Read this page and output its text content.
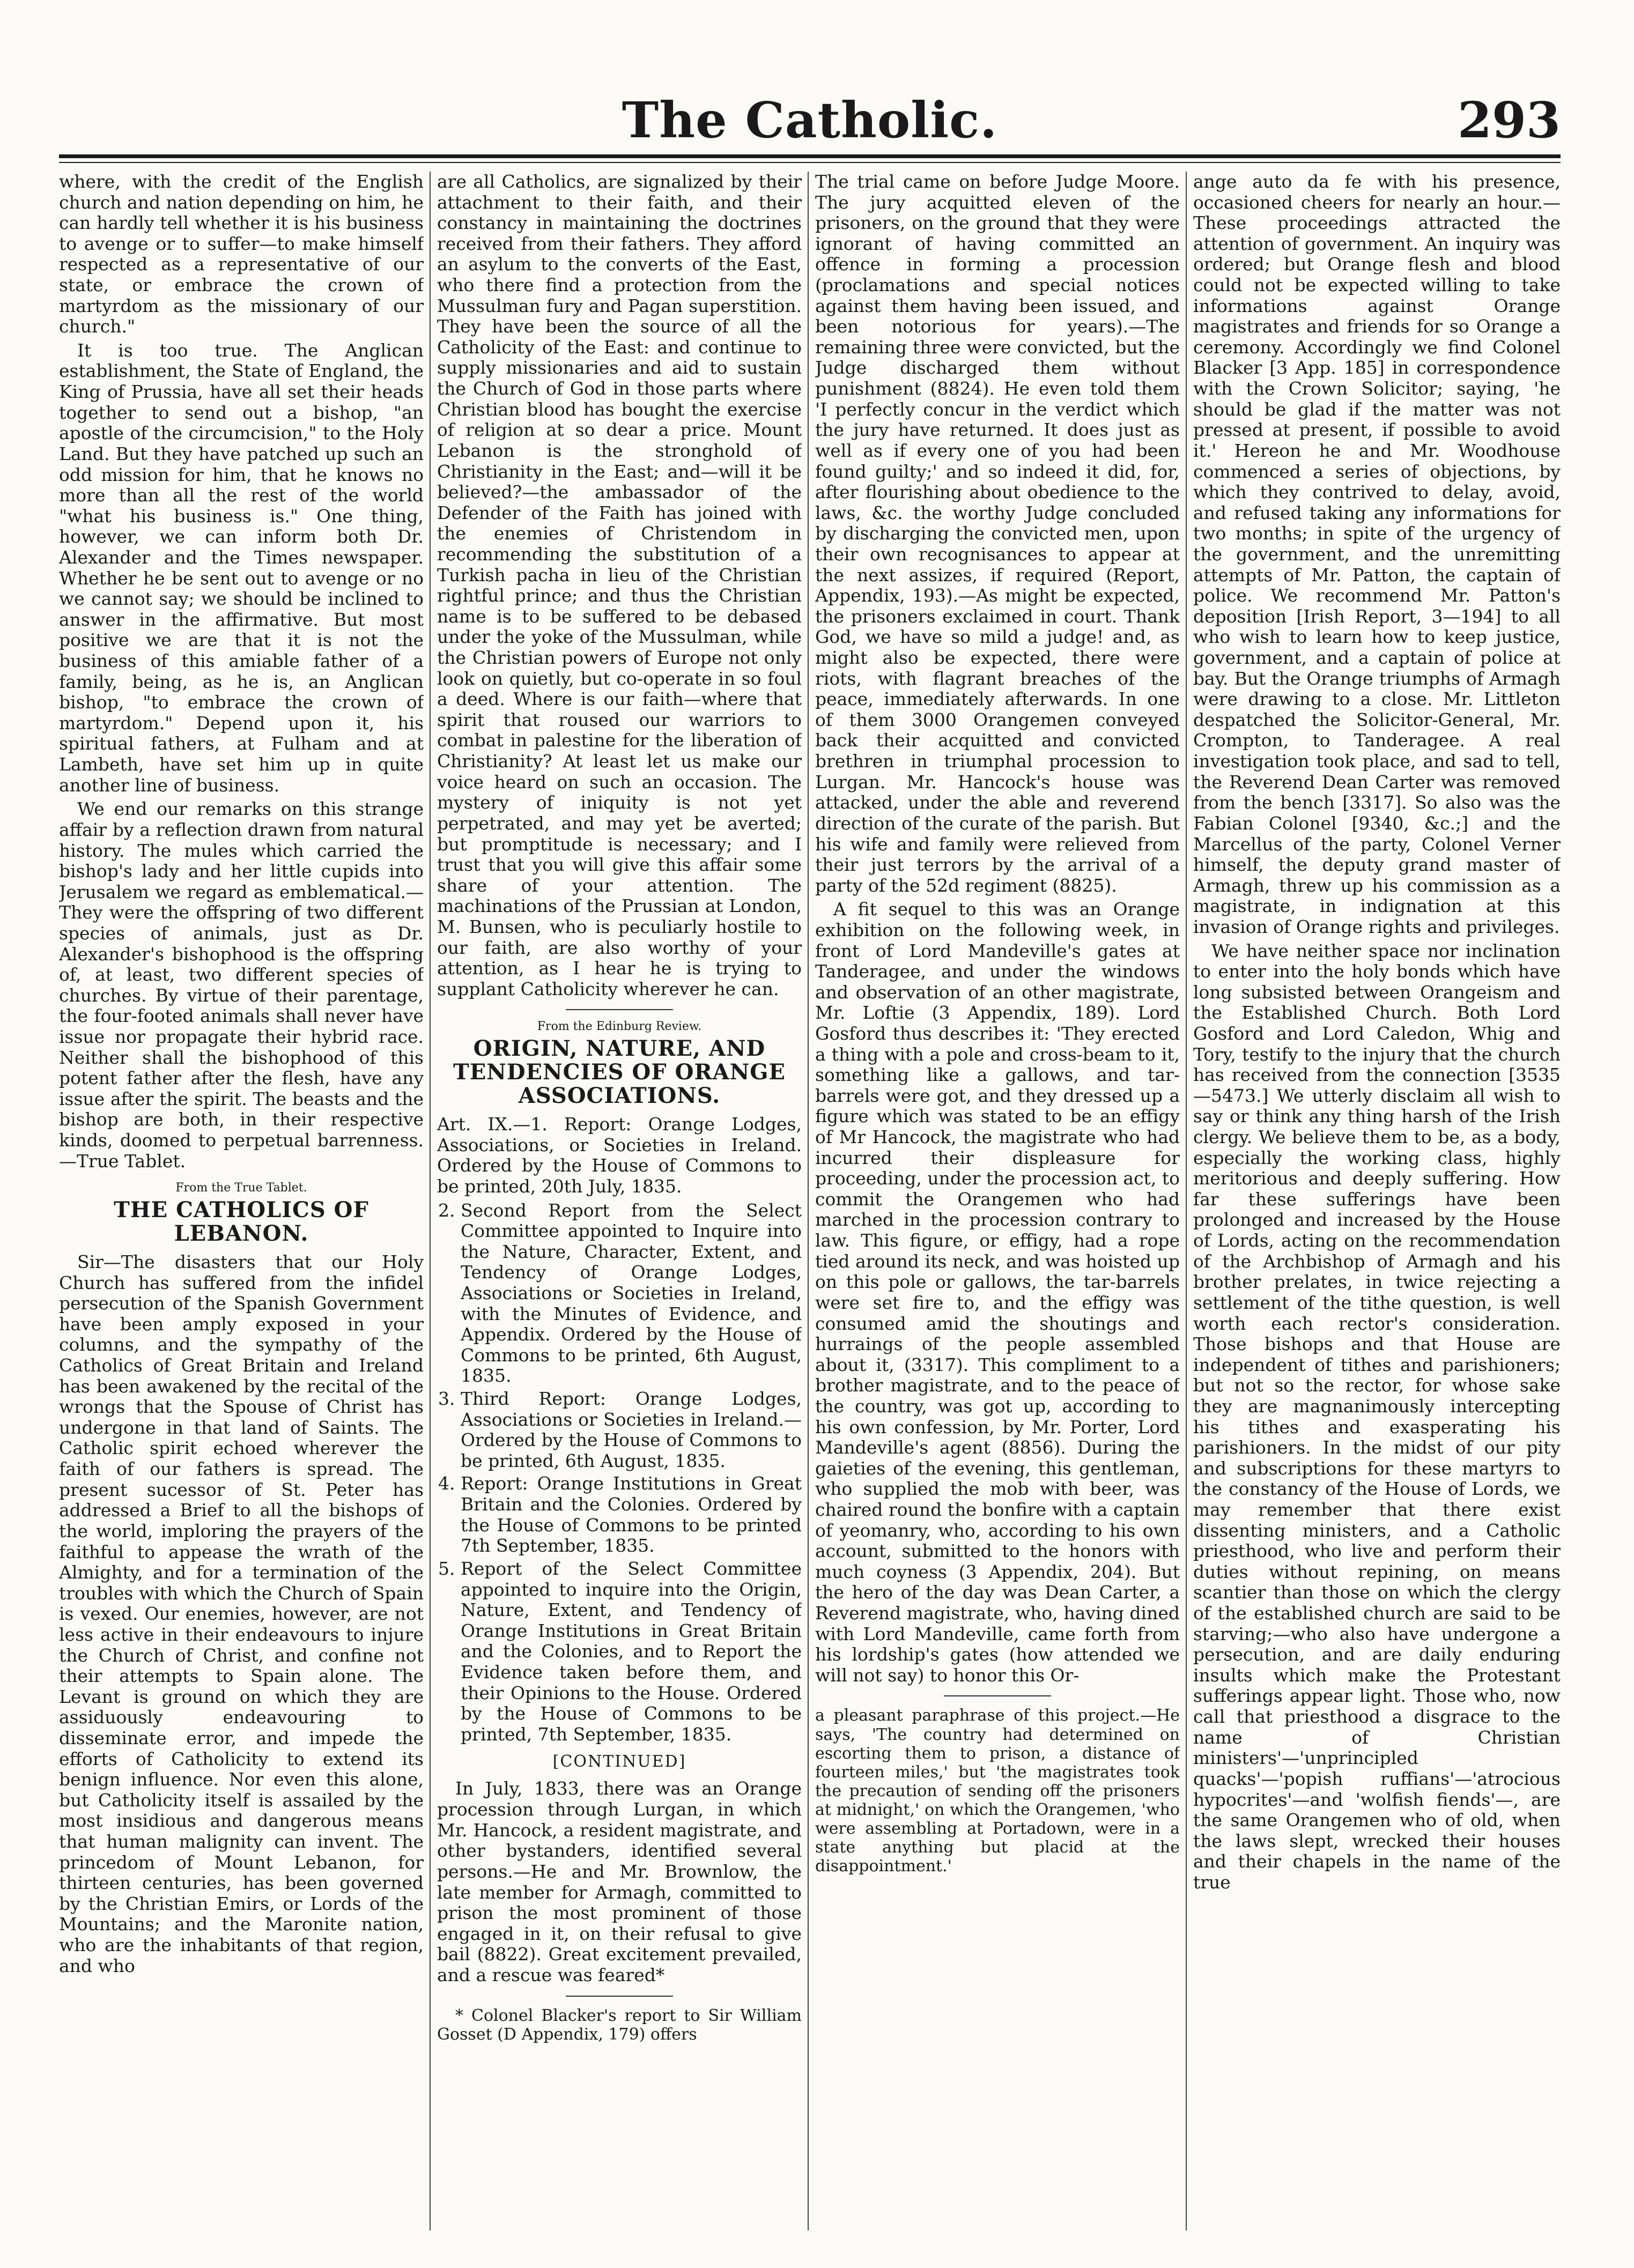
The Catholic.	293

where, with the credit of the English church and nation depending on him, he can hardly tell whether it is his business to avenge or to suffer—to make himself respected as a representative of our state, or embrace the crown of martyrdom as the missionary of our church."

It is too true. The Anglican establishment, the State of England, the King of Prussia, have all set their heads together to send out a bishop, "an apostle of the circumcision," to the Holy Land. But they have patched up such an odd mission for him, that he knows no more than all the rest of the world "what his business is." One thing, however, we can inform both Dr. Alexander and the Times newspaper. Whether he be sent out to avenge or no we cannot say; we should be inclined to answer in the affirmative. But most positive we are that it is not the business of this amiable father of a family, being, as he is, an Anglican bishop, "to embrace the crown of martyrdom." Depend upon it, his spiritual fathers, at Fulham and at Lambeth, have set him up in quite another line of business.

We end our remarks on this strange affair by a reflection drawn from natural history. The mules which carried the bishop's lady and her little cupids into Jerusalem we regard as emblematical.—They were the offspring of two different species of animals, just as Dr. Alexander's bishophood is the offspring of, at least, two different species of churches. By virtue of their parentage, the four-footed animals shall never have issue nor propagate their hybrid race. Neither shall the bishophood of this potent father after the flesh, have any issue after the spirit. The beasts and the bishop are both, in their respective kinds, doomed to perpetual barrenness.—True Tablet.

From the True Tablet.
THE CATHOLICS OF LEBANON.

Sir—The disasters that our Holy Church has suffered from the infidel persecution of the Spanish Government have been amply exposed in your columns, and the sympathy of the Catholics of Great Britain and Ireland has been awakened by the recital of the wrongs that the Spouse of Christ has undergone in that land of Saints. The Catholic spirit echoed wherever the faith of our fathers is spread. The present sucessor of St. Peter has addressed a Brief to all the bishops of the world, imploring the prayers of the faithful to appease the wrath of the Almighty, and for a termination of the troubles with which the Church of Spain is vexed. Our enemies, however, are not less active in their endeavours to injure the Church of Christ, and confine not their attempts to Spain alone. The Levant is ground on which they are assiduously endeavouring to disseminate error, and impede the efforts of Catholicity to extend its benign influence. Nor even this alone, but Catholicity itself is assailed by the most insidious and dangerous means that human malignity can invent. The princedom of Mount Lebanon, for thirteen centuries, has been governed by the Christian Emirs, or Lords of the Mountains; and the Maronite nation, who are the inhabitants of that region, and who

are all Catholics, are signalized by their attachment to their faith, and their constancy in maintaining the doctrines received from their fathers. They afford an asylum to the converts of the East, who there find a protection from the Mussulman fury and Pagan superstition. They have been the source of all the Catholicity of the East: and continue to supply missionaries and aid to sustain the Church of God in those parts where Christian blood has bought the exercise of religion at so dear a price. Mount Lebanon is the stronghold of Christianity in the East; and—will it be believed?—the ambassador of the Defender of the Faith has joined with the enemies of Christendom in recommending the substitution of a Turkish pacha in lieu of the Christian rightful prince; and thus the Christian name is to be suffered to be debased under the yoke of the Mussulman, while the Christian powers of Europe not only look on quietly, but co-operate in so foul a deed. Where is our faith—where that spirit that roused our warriors to combat in palestine for the liberation of Christianity? At least let us make our voice heard on such an occasion. The mystery of iniquity is not yet perpetrated, and may yet be averted; but promptitude is necessary; and I trust that you will give this affair some share of your attention. The machinations of the Prussian at London, M. Bunsen, who is peculiarly hostile to our faith, are also worthy of your attention, as I hear he is trying to supplant Catholicity wherever he can.

From the Edinburg Review.
ORIGIN, NATURE, AND TENDENCIES OF ORANGE ASSOCIATIONS.

Art. IX.—1. Report: Orange Lodges, Associations, or Societies in Ireland. Ordered by the House of Commons to be printed, 20th July, 1835.

2. Second Report from the Select Committee appointed to Inquire into the Nature, Character, Extent, and Tendency of Orange Lodges, Associations or Societies in Ireland, with the Minutes of Evidence, and Appendix. Ordered by the House of Commons to be printed, 6th August, 1835.
3. Third Report: Orange Lodges, Associations or Societies in Ireland.—Ordered by the House of Commons to be printed, 6th August, 1835.
4. Report: Orange Institutions in Great Britain and the Colonies. Ordered by the House of Commons to be printed 7th September, 1835.
5. Report of the Select Committee appointed to inquire into the Origin, Nature, Extent, and Tendency of Orange Institutions in Great Britain and the Colonies, and to Report the Evidence taken before them, and their Opinions to the House. Ordered by the House of Commons to be printed, 7th September, 1835.
[CONTINUED]

In July, 1833, there was an Orange procession through Lurgan, in which Mr. Hancock, a resident magistrate, and other bystanders, identified several persons.—He and Mr. Brownlow, the late member for Armagh, committed to prison the most prominent of those engaged in it, on their refusal to give bail (8822). Great excitement prevailed, and a rescue was feared*

* Colonel Blacker's report to Sir William Gosset (D Appendix, 179) offers

The trial came on before Judge Moore. The jury acquitted eleven of the prisoners, on the ground that they were ignorant of having committed an offence in forming a procession (proclamations and special notices against them having been issued, and been notorious for years).—The remaining three were convicted, but the Judge discharged them without punishment (8824). He even told them 'I perfectly concur in the verdict which the jury have returned. It does just as well as if every one of you had been found guilty;' and so indeed it did, for, after flourishing about obedience to the laws, &c. the worthy Judge concluded by discharging the convicted men, upon their own recognisances to appear at the next assizes, if required (Report, Appendix, 193).—As might be expected, the prisoners exclaimed in court. Thank God, we have so mild a judge! and, as might also be expected, there were riots, with flagrant breaches of the peace, immediately afterwards. In one of them 3000 Orangemen conveyed back their acquitted and convicted brethren in triumphal procession to Lurgan. Mr. Hancock's house was attacked, under the able and reverend direction of the curate of the parish. But his wife and family were relieved from their just terrors by the arrival of a party of the 52d regiment (8825).

A fit sequel to this was an Orange exhibition on the following week, in front of Lord Mandeville's gates at Tanderagee, and under the windows and observation of an other magistrate, Mr. Loftie (3 Appendix, 189). Lord Gosford thus describes it: 'They erected a thing with a pole and cross-beam to it, something like a gallows, and tar-barrels were got, and they dressed up a figure which was stated to be an effigy of Mr Hancock, the magistrate who had incurred their displeasure for proceeding, under the procession act, to commit the Orangemen who had marched in the procession contrary to law. This figure, or effigy, had a rope tied around its neck, and was hoisted up on this pole or gallows, the tar-barrels were set fire to, and the effigy was consumed amid the shoutings and hurraings of the people assembled about it, (3317). This compliment to a brother magistrate, and to the peace of the country, was got up, according to his own confession, by Mr. Porter, Lord Mandeville's agent (8856). During the gaieties of the evening, this gentleman, who supplied the mob with beer, was chaired round the bonfire with a captain of yeomanry, who, according to his own account, submitted to the honors with much coyness (3 Appendix, 204). But the hero of the day was Dean Carter, a Reverend magistrate, who, having dined with Lord Mandeville, came forth from his lordship's gates (how attended we will not say) to honor this Or-

a pleasant paraphrase of this project.—He says, 'The country had determined on escorting them to prison, a distance of fourteen miles,' but 'the magistrates took the precaution of sending off the prisoners at midnight,' on which the Orangemen, 'who were assembling at Portadown, were in a state anything but placid at the disappointment.'

ange auto da fe with his presence, occasioned cheers for nearly an hour.—These proceedings attracted the attention of government. An inquiry was ordered; but Orange flesh and blood could not be expected willing to take informations against Orange magistrates and friends for so Orange a ceremony. Accordingly we find Colonel Blacker [3 App. 185] in correspondence with the Crown Solicitor; saying, 'he should be glad if the matter was not pressed at present, if possible to avoid it.' Hereon he and Mr. Woodhouse commenced a series of objections, by which they contrived to delay, avoid, and refused taking any informations for two months; in spite of the urgency of the government, and the unremitting attempts of Mr. Patton, the captain of police. We recommend Mr. Patton's deposition [Irish Report, 3—194] to all who wish to learn how to keep justice, government, and a captain of police at bay. But the Orange triumphs of Armagh were drawing to a close. Mr. Littleton despatched the Solicitor-General, Mr. Crompton, to Tanderagee. A real investigation took place, and sad to tell, the Reverend Dean Carter was removed from the bench [3317]. So also was the Fabian Colonel [9340, &c.;] and the Marcellus of the party, Colonel Verner himself, the deputy grand master of Armagh, threw up his commission as a magistrate, in indignation at this invasion of Orange rights and privileges.

We have neither space nor inclination to enter into the holy bonds which have long subsisted between Orangeism and the Established Church. Both Lord Gosford and Lord Caledon, Whig and Tory, testify to the injury that the church has received from the connection [3535—5473.] We utterly disclaim all wish to say or think any thing harsh of the Irish clergy. We believe them to be, as a body, especially the working class, highly meritorious and deeply suffering. How far these sufferings have been prolonged and increased by the House of Lords, acting on the recommendation of the Archbishop of Armagh and his brother prelates, in twice rejecting a settlement of the tithe question, is well worth each rector's consideration. Those bishops and that House are independent of tithes and parishioners; but not so the rector, for whose sake they are magnanimously intercepting his tithes and exasperating his parishioners. In the midst of our pity and subscriptions for these martyrs to the constancy of the House of Lords, we may remember that there exist dissenting ministers, and a Catholic priesthood, who live and perform their duties without repining, on means scantier than those on which the clergy of the established church are said to be starving;—who also have undergone a persecution, and are daily enduring insults which make the Protestant sufferings appear light. Those who, now call that priesthood a disgrace to the name of Christian ministers'—'unprincipled quacks'—'popish ruffians'—'atrocious hypocrites'—and 'wolfish fiends'—, are the same Orangemen who of old, when the laws slept, wrecked their houses and their chapels in the name of the true
